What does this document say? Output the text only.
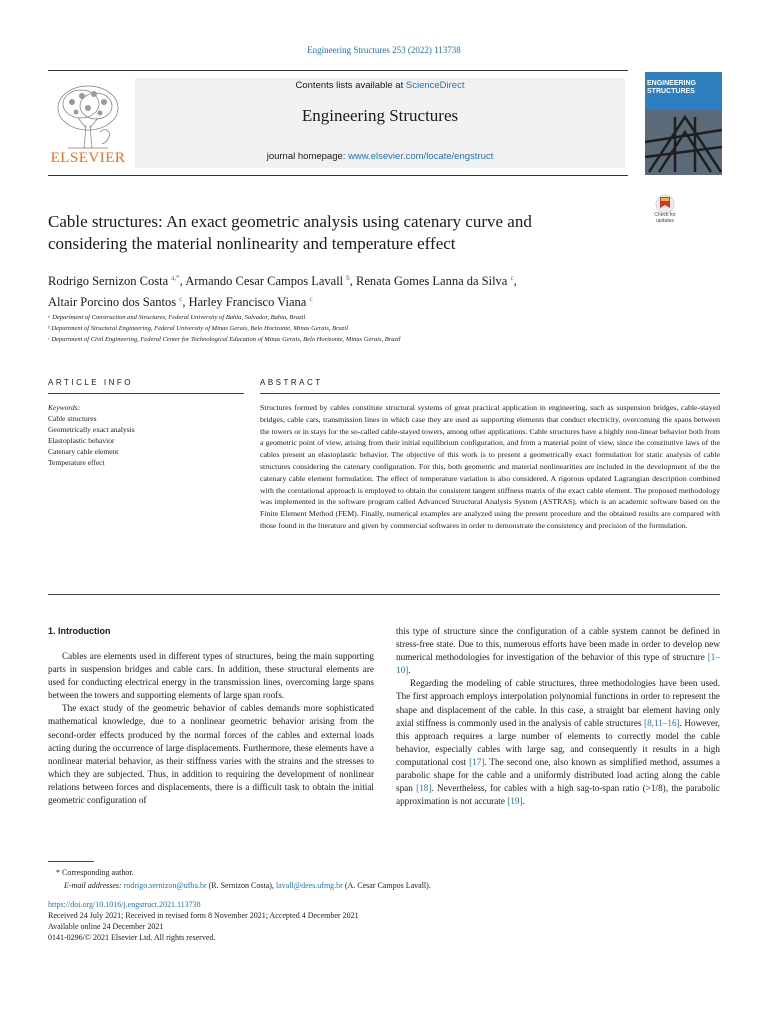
Engineering Structures 253 (2022) 113738
ELSEVIER
Contents lists available at ScienceDirect
Engineering Structures
journal homepage: www.elsevier.com/locate/engstruct
ENGINEERING
STRUCTURES
Check for
updates
Cable structures: An exact geometric analysis using catenary curve and
considering the material nonlinearity and temperature effect
Rodrigo Sernizon Costa $^{a,*}$, Armando Cesar Campos Lavall $^b$, Renata Gomes Lanna da Silva $^c$,
Altair Porcino dos Santos $^c$, Harley Francisco Viana $^c$
ᵃ Department of Construction and Structures, Federal University of Bahia, Salvador, Bahia, Brazil
ᵇ Department of Structural Engineering, Federal University of Minas Gerais, Belo Horizonte, Minas Gerais, Brazil
ᶜ Department of Civil Engineering, Federal Center for Technological Education of Minas Gerais, Belo Horizonte, Minas Gerais, Brazil
ARTICLE INFO	ABSTRACT
Keywords:
Cable structures
Geometrically exact analysis
Elastoplastic behavior
Catenary cable element
Temperature effect
Structures formed by cables constitute structural systems of great practical application in engineering, such as suspension bridges, cable-stayed bridges, cable cars, transmission lines in which case they are used as supporting elements that conduct electricity, overcoming the spans between the towers or in stays for the so-called cable-stayed towers, among other applications. Cable structures have a highly non-linear behavior both from a geometric point of view, arising from their initial equilibrium configuration, and from a material point of view, since the constitutive laws of the cables present an elastoplastic behavior. The objective of this work is to present a geometrically exact formulation for static analysis of cable structures considering the catenary configuration. For this, both geometric and material nonlinearities are included in the development of the the catenary cable element formulation. The effect of temperature variation is also considered. A rigorous updated Lagrangian description combined with the corotational approach is employed to obtain the consistent tangent stiffness matrix of the exact cable element. The proposed methodology was implemented in the software program called Advanced Structural Analysis System (ASTRAS), which is an academic software based on the Finite Element Method (FEM). Finally, numerical examples are analyzed using the present procedure and the obtained results are compared with those found in the literature and given by commercial softwares in order to demonstrate the consistency and precision of the formulation.
1. Introduction

Cables are elements used in different types of structures, being the main supporting parts in suspension bridges and cable cars. In addition, these structural elements are used for conducting electrical energy in the transmission lines, overcoming large spans between the towers and supporting elements of large span roofs.

The exact study of the geometric behavior of cables demands more sophisticated mathematical knowledge, due to a nonlinear geometric behavior arising from the second-order effects produced by the normal forces of the cables and external loads acting during the occurrence of large displacements. Furthermore, these elements have a nonlinear material behavior, as their stiffness varies with the strains and the stresses to which they are subjected. Thus, in addition to requiring the development of nonlinear relations between forces and displacements, there is a difficult task to obtain the initial geometric configuration of

this type of structure since the configuration of a cable system cannot be defined in stress-free state. Due to this, numerous efforts have been made in order to develop new numerical methodologies for investigation of the behavior of this type of structure [1–10].

Regarding the modeling of cable structures, three methodologies have been used. The first approach employs interpolation polynomial functions in order to represent the shape and displacement of the cable. In this case, a straight bar element having only axial stiffness is commonly used in the analysis of cable structures [8,11–16]. However, this approach requires a large number of elements to correctly model the cable behavior, especially cables with large sag, and consequently it results in a high computational cost [17]. The second one, also known as simplified method, assumes a parabolic shape for the cable and a uniformly distributed load acting along the cable span [18]. Nevertheless, for cables with a high sag-to-span ratio (>1/8), the parabolic approximation is not accurate [19].

* Corresponding author.
E-mail addresses: rodrigo.sernizon@ufba.br (R. Sernizon Costa), lavall@dees.ufmg.br (A. Cesar Campos Lavall).
https://doi.org/10.1016/j.engstruct.2021.113738
Received 24 July 2021; Received in revised form 8 November 2021; Accepted 4 December 2021
Available online 24 December 2021
0141-0296/© 2021 Elsevier Ltd. All rights reserved.
